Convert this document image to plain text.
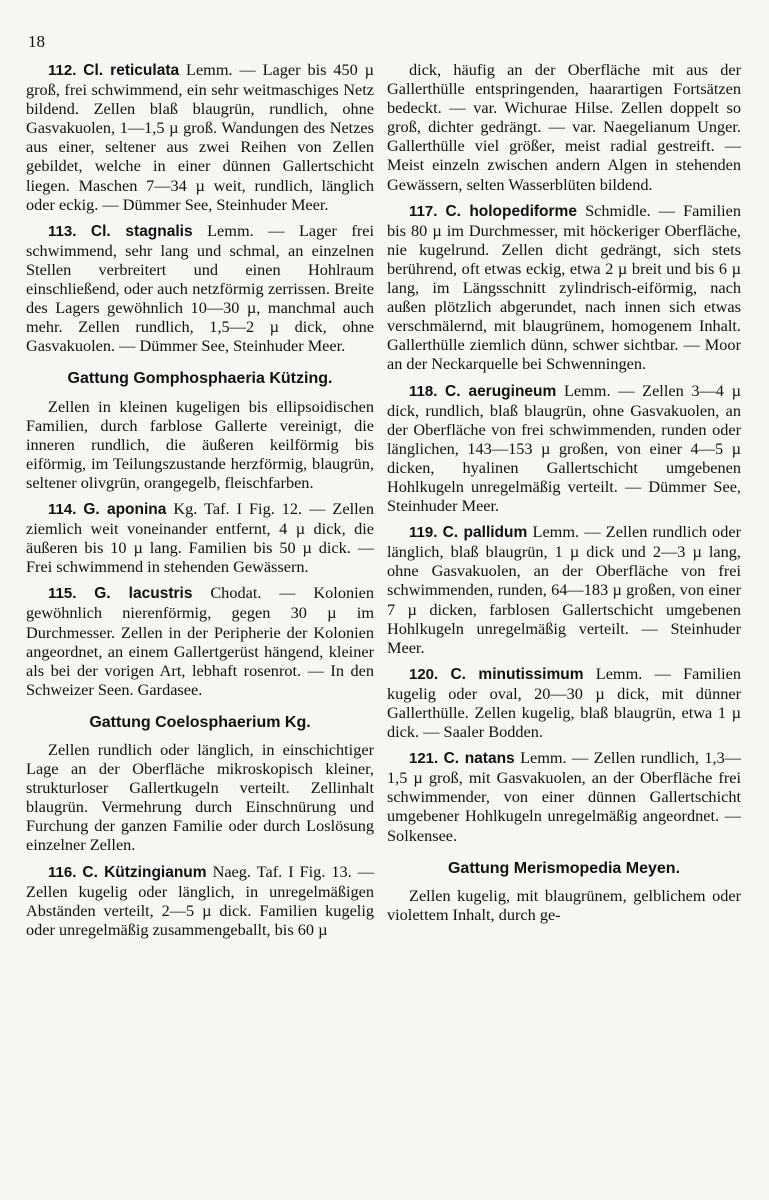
18

112. Cl. reticulata Lemm. — Lager bis 450 µ groß, frei schwimmend, ein sehr weitmaschiges Netz bildend. Zellen blaß blaugrün, rundlich, ohne Gasvakuolen, 1—1,5 µ groß. Wandungen des Netzes aus einer, seltener aus zwei Reihen von Zellen gebildet, welche in einer dünnen Gallertschicht liegen. Maschen 7—34 µ weit, rundlich, länglich oder eckig. — Dümmer See, Steinhuder Meer.

113. Cl. stagnalis Lemm. — Lager frei schwimmend, sehr lang und schmal, an einzelnen Stellen verbreitert und einen Hohlraum einschließend, oder auch netzförmig zerrissen. Breite des Lagers gewöhnlich 10—30 µ, manchmal auch mehr. Zellen rundlich, 1,5—2 µ dick, ohne Gasvakuolen. — Dümmer See, Steinhuder Meer.

Gattung Gomphosphaeria Kützing.

Zellen in kleinen kugeligen bis ellipsoidischen Familien, durch farblose Gallerte vereinigt, die inneren rundlich, die äußeren keilförmig bis eiförmig, im Teilungszustande herzförmig, blaugrün, seltener olivgrün, orangegelb, fleischfarben.

114. G. aponina Kg. Taf. I Fig. 12. — Zellen ziemlich weit voneinander entfernt, 4 µ dick, die äußeren bis 10 µ lang. Familien bis 50 µ dick. — Frei schwimmend in stehenden Gewässern.

115. G. lacustris Chodat. — Kolonien gewöhnlich nierenförmig, gegen 30 µ im Durchmesser. Zellen in der Peripherie der Kolonien angeordnet, an einem Gallertgerüst hängend, kleiner als bei der vorigen Art, lebhaft rosenrot. — In den Schweizer Seen. Gardasee.

Gattung Coelosphaerium Kg.

Zellen rundlich oder länglich, in einschichtiger Lage an der Oberfläche mikroskopisch kleiner, strukturloser Gallertkugeln verteilt. Zellinhalt blaugrün. Vermehrung durch Einschnürung und Furchung der ganzen Familie oder durch Loslösung einzelner Zellen.

116. C. Kützingianum Naeg. Taf. I Fig. 13. — Zellen kugelig oder länglich, in unregelmäßigen Abständen verteilt, 2—5 µ dick. Familien kugelig oder unregelmäßig zusammengeballt, bis 60 µ

dick, häufig an der Oberfläche mit aus der Gallerthülle entspringenden, haarartigen Fortsätzen bedeckt. — var. Wichurae Hilse. Zellen doppelt so groß, dichter gedrängt. — var. Naegelianum Unger. Gallerthülle viel größer, meist radial gestreift. — Meist einzeln zwischen andern Algen in stehenden Gewässern, selten Wasserblüten bildend.

117. C. holopediforme Schmidle. — Familien bis 80 µ im Durchmesser, mit höckeriger Oberfläche, nie kugelrund. Zellen dicht gedrängt, sich stets berührend, oft etwas eckig, etwa 2 µ breit und bis 6 µ lang, im Längsschnitt zylindrisch-eiförmig, nach außen plötzlich abgerundet, nach innen sich etwas verschmälernd, mit blaugrünem, homogenem Inhalt. Gallerthülle ziemlich dünn, schwer sichtbar. — Moor an der Neckarquelle bei Schwenningen.

118. C. aerugineum Lemm. — Zellen 3—4 µ dick, rundlich, blaß blaugrün, ohne Gasvakuolen, an der Oberfläche von frei schwimmenden, runden oder länglichen, 143—153 µ großen, von einer 4—5 µ dicken, hyalinen Gallertschicht umgebenen Hohlkugeln unregelmäßig verteilt. — Dümmer See, Steinhuder Meer.

119. C. pallidum Lemm. — Zellen rundlich oder länglich, blaß blaugrün, 1 µ dick und 2—3 µ lang, ohne Gasvakuolen, an der Oberfläche von frei schwimmenden, runden, 64—183 µ großen, von einer 7 µ dicken, farblosen Gallertschicht umgebenen Hohlkugeln unregelmäßig verteilt. — Steinhuder Meer.

120. C. minutissimum Lemm. — Familien kugelig oder oval, 20—30 µ dick, mit dünner Gallerthülle. Zellen kugelig, blaß blaugrün, etwa 1 µ dick. — Saaler Bodden.

121. C. natans Lemm. — Zellen rundlich, 1,3—1,5 µ groß, mit Gasvakuolen, an der Oberfläche frei schwimmender, von einer dünnen Gallertschicht umgebener Hohlkugeln unregelmäßig angeordnet. — Solkensee.

Gattung Merismopedia Meyen.

Zellen kugelig, mit blaugrünem, gelblichem oder violettem Inhalt, durch ge-
